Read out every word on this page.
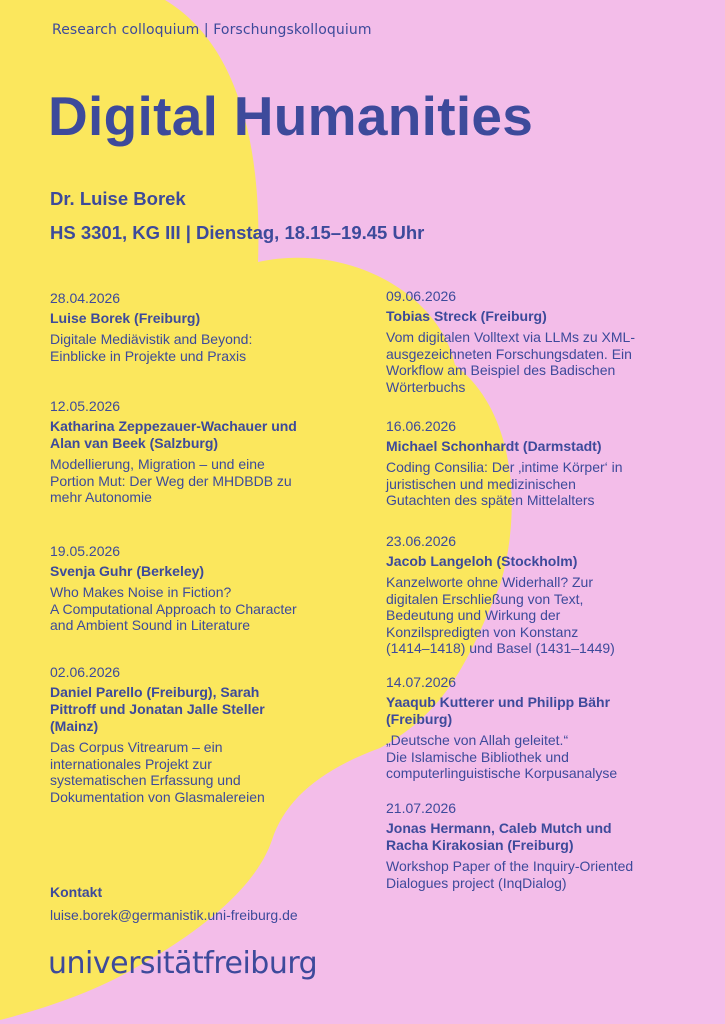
Research colloquium | Forschungskolloquium
Digital Humanities
Dr. Luise Borek
HS 3301, KG III | Dienstag, 18.15–19.45 Uhr
28.04.2026
Luise Borek (Freiburg)
Digitale Mediävistik and Beyond:
Einblicke in Projekte und Praxis
12.05.2026
Katharina Zeppezauer-Wachauer und
Alan van Beek (Salzburg)
Modellierung, Migration – und eine
Portion Mut: Der Weg der MHDBDB zu
mehr Autonomie
19.05.2026
Svenja Guhr (Berkeley)
Who Makes Noise in Fiction?
A Computational Approach to Character
and Ambient Sound in Literature
02.06.2026
Daniel Parello (Freiburg), Sarah
Pittroff und Jonatan Jalle Steller
(Mainz)
Das Corpus Vitrearum – ein
internationales Projekt zur
systematischen Erfassung und
Dokumentation von Glasmalereien
09.06.2026
Tobias Streck (Freiburg)
Vom digitalen Volltext via LLMs zu XML-
ausgezeichneten Forschungsdaten. Ein
Workflow am Beispiel des Badischen
Wörterbuchs
16.06.2026
Michael Schonhardt (Darmstadt)
Coding Consilia: Der ‚intime Körper‘ in
juristischen und medizinischen
Gutachten des späten Mittelalters
23.06.2026
Jacob Langeloh (Stockholm)
Kanzelworte ohne Widerhall? Zur
digitalen Erschließung von Text,
Bedeutung und Wirkung der
Konzilspredigten von Konstanz
(1414–1418) und Basel (1431–1449)
14.07.2026
Yaaqub Kutterer und Philipp Bähr
(Freiburg)
„Deutsche von Allah geleitet.“
Die Islamische Bibliothek und
computerlinguistische Korpusanalyse
21.07.2026
Jonas Hermann, Caleb Mutch und
Racha Kirakosian (Freiburg)
Workshop Paper of the Inquiry-Oriented
Dialogues project (InqDialog)
Kontakt
luise.borek@germanistik.uni-freiburg.de
universitätfreiburg
